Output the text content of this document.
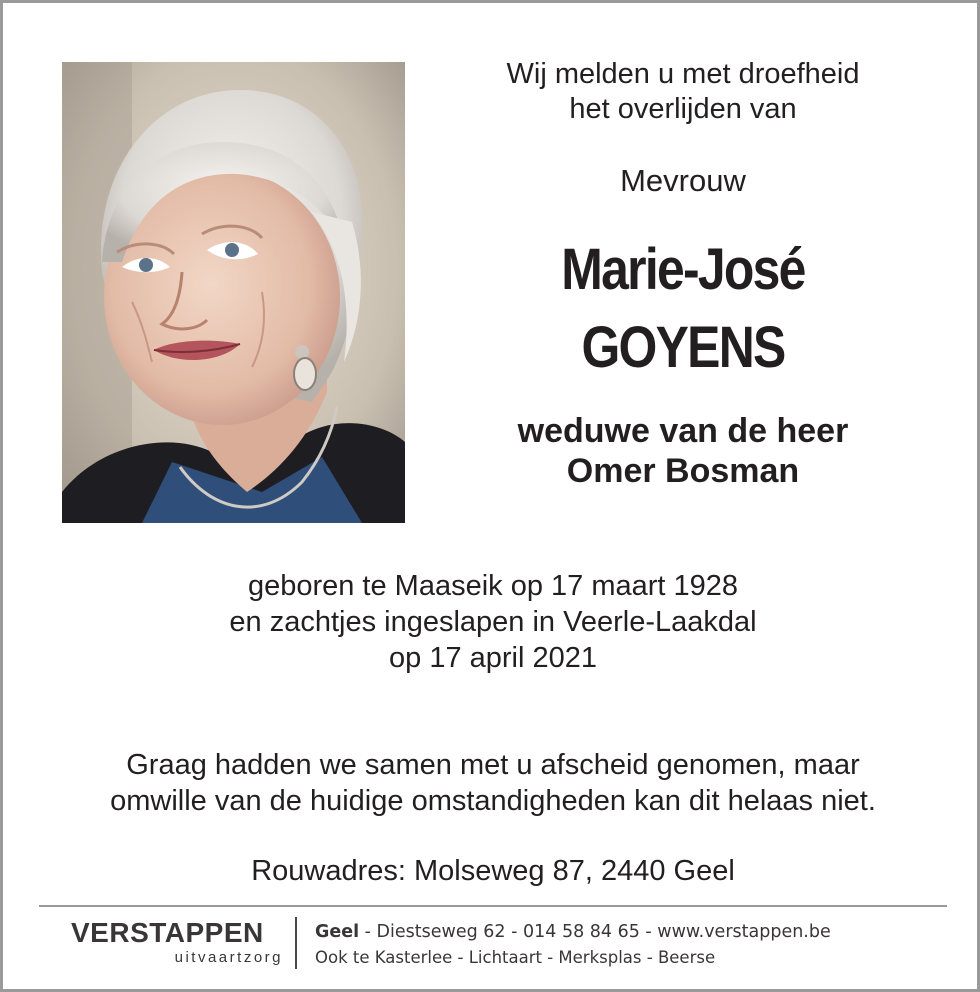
Wij melden u met droefheid
het overlijden van
Mevrouw
Marie-José
GOYENS
weduwe van de heer
Omer Bosman
geboren te Maaseik op 17 maart 1928
en zachtjes ingeslapen in Veerle-Laakdal
op 17 april 2021
Graag hadden we samen met u afscheid genomen, maar
omwille van de huidige omstandigheden kan dit helaas niet.
Rouwadres: Molseweg 87, 2440 Geel
VERSTAPPEN
uitvaartzorg
Geel - Diestseweg 62 - 014 58 84 65 - www.verstappen.be
Ook te Kasterlee - Lichtaart - Merksplas - Beerse
